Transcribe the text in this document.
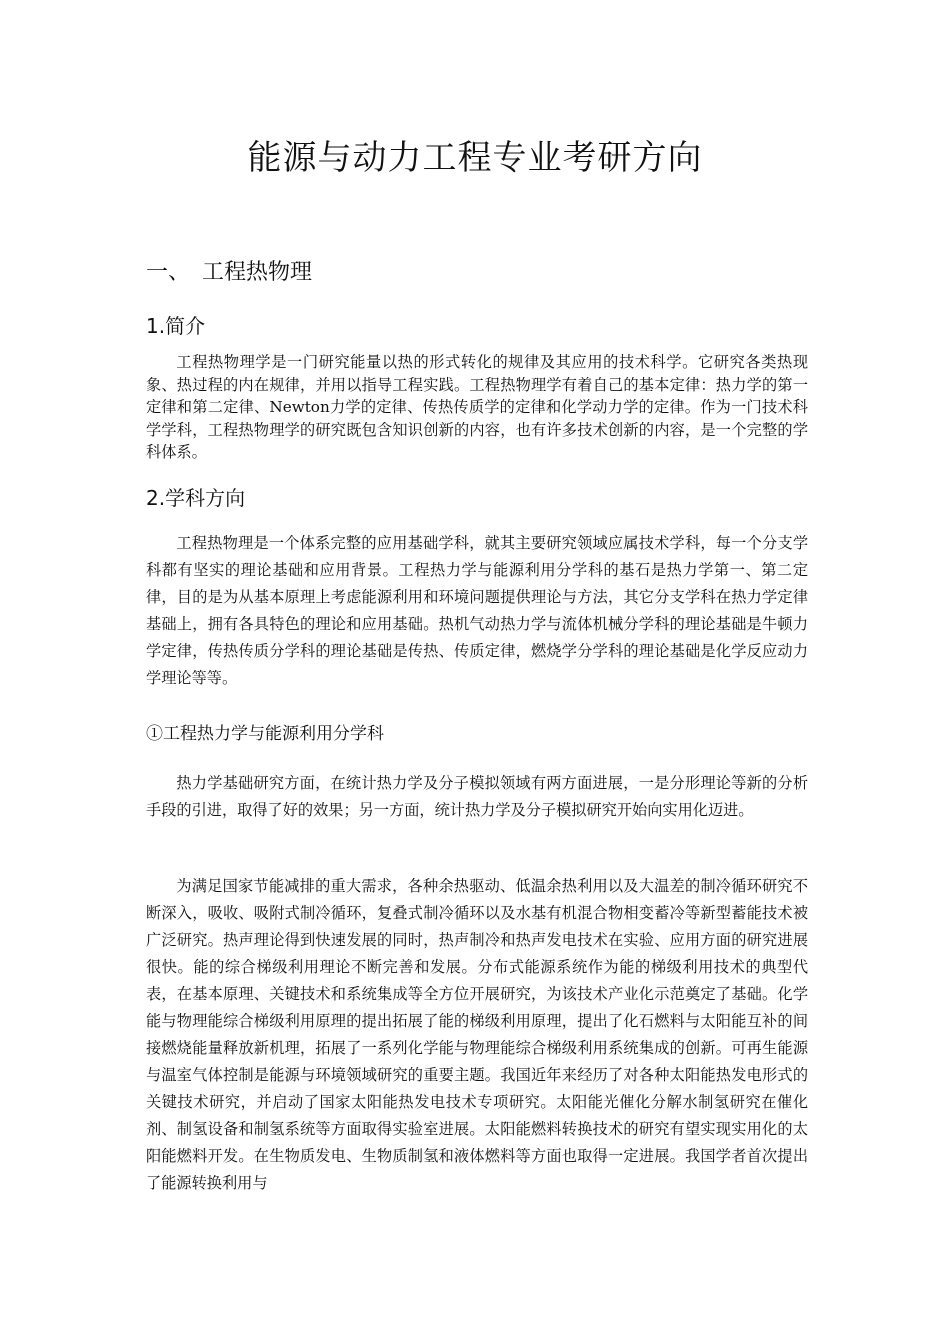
能源与动力工程专业考研方向
一、 工程热物理
1.简介

工程热物理学是一门研究能量以热的形式转化的规律及其应用的技术科学。它研究各类热现象、热过程的内在规律，并用以指导工程实践。工程热物理学有着自己的基本定律：热力学的第一定律和第二定律、Newton力学的定律、传热传质学的定律和化学动力学的定律。作为一门技术科学学科，工程热物理学的研究既包含知识创新的内容，也有许多技术创新的内容，是一个完整的学科体系。

2.学科方向

工程热物理是一个体系完整的应用基础学科，就其主要研究领域应属技术学科，每一个分支学科都有坚实的理论基础和应用背景。工程热力学与能源利用分学科的基石是热力学第一、第二定律，目的是为从基本原理上考虑能源利用和环境问题提供理论与方法，其它分支学科在热力学定律基础上，拥有各具特色的理论和应用基础。热机气动热力学与流体机械分学科的理论基础是牛顿力学定律，传热传质分学科的理论基础是传热、传质定律，燃烧学分学科的理论基础是化学反应动力学理论等等。

①工程热力学与能源利用分学科

热力学基础研究方面，在统计热力学及分子模拟领域有两方面进展，一是分形理论等新的分析手段的引进，取得了好的效果；另一方面，统计热力学及分子模拟研究开始向实用化迈进。

为满足国家节能减排的重大需求，各种余热驱动、低温余热利用以及大温差的制冷循环研究不断深入，吸收、吸附式制冷循环，复叠式制冷循环以及水基有机混合物相变蓄冷等新型蓄能技术被广泛研究。热声理论得到快速发展的同时，热声制冷和热声发电技术在实验、应用方面的研究进展很快。能的综合梯级利用理论不断完善和发展。分布式能源系统作为能的梯级利用技术的典型代表，在基本原理、关键技术和系统集成等全方位开展研究，为该技术产业化示范奠定了基础。化学能与物理能综合梯级利用原理的提出拓展了能的梯级利用原理，提出了化石燃料与太阳能互补的间接燃烧能量释放新机理，拓展了一系列化学能与物理能综合梯级利用系统集成的创新。可再生能源与温室气体控制是能源与环境领域研究的重要主题。我国近年来经历了对各种太阳能热发电形式的关键技术研究，并启动了国家太阳能热发电技术专项研究。太阳能光催化分解水制氢研究在催化剂、制氢设备和制氢系统等方面取得实验室进展。太阳能燃料转换技术的研究有望实现实用化的太阳能燃料开发。在生物质发电、生物质制氢和液体燃料等方面也取得一定进展。我国学者首次提出了能源转换利用与
